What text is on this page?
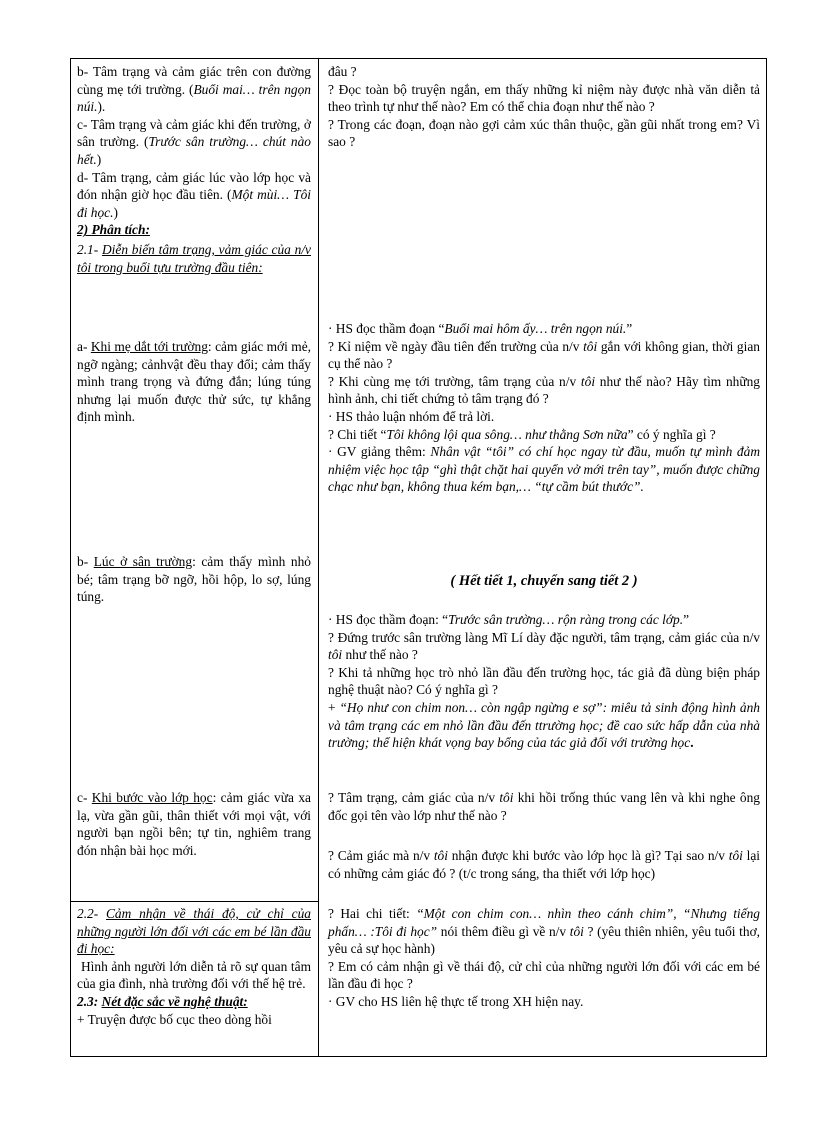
b- Tâm trạng và cảm giác trên con đường cùng mẹ tới trường. (Buổi mai… trên ngọn núi.).

c- Tâm trạng và cảm giác khi đến trường, ở sân trường. (Trước sân trường… chút nào hết.)

d- Tâm trạng, cảm giác lúc vào lớp học và đón nhận giờ học đầu tiên. (Một mùi… Tôi đi học.)

2) Phân tích:

2.1- Diễn biến tâm trạng, vảm giác của n/v tôi trong buổi tựu trường đầu tiên:

a- Khi mẹ dắt tới trường: cảm giác mới mẻ, ngỡ ngàng; cảnhvật đều thay đổi; cảm thấy mình trang trọng và đứng đắn; lúng túng nhưng lại muốn được thử sức, tự khẳng định mình.

b- Lúc ở sân trường: cảm thấy mình nhỏ bé; tâm trạng bỡ ngỡ, hồi hộp, lo sợ, lúng túng.

c- Khi bước vào lớp học: cảm giác vừa xa lạ, vừa gần gũi, thân thiết với mọi vật, với người bạn ngồi bên; tự tin, nghiêm trang đón nhận bài học mới.

2.2- Cảm nhận về thái độ, cử chỉ của những người lớn đối với các em bé lần đầu đi học:

Hình ảnh người lớn diễn tả rõ sự quan tâm của gia đình, nhà trường đối với thế hệ trẻ.

2.3: Nét đặc sắc về nghệ thuật:

+ Truyện được bố cục theo dòng hồi

đâu ?

? Đọc toàn bộ truyện ngắn, em thấy những kỉ niệm này được nhà văn diễn tả theo trình tự như thế nào? Em có thể chia đoạn như thế nào ?

? Trong các đoạn, đoạn nào gợi cảm xúc thân thuộc, gần gũi nhất trong em? Vì sao ?

· HS đọc thầm đoạn “Buổi mai hôm ấy… trên ngọn núi.”

? Kỉ niệm về ngày đầu tiên đến trường của n/v tôi gắn với không gian, thời gian cụ thể nào ?

? Khi cùng mẹ tới trường, tâm trạng của n/v tôi như thế nào? Hãy tìm những hình ảnh, chi tiết chứng tỏ tâm trạng đó ?

· HS thảo luận nhóm để trả lời.

? Chi tiết “Tôi không lội qua sông… như thằng Sơn nữa” có ý nghĩa gì ?

· GV giảng thêm: Nhân vật “tôi” có chí học ngay từ đầu, muốn tự mình đảm nhiệm việc học tập “ghì thật chặt hai quyển vở mới trên tay”, muốn được chững chạc như bạn, không thua kém bạn,… “tự cầm bút thước”.

( Hết tiết 1, chuyển sang tiết 2 )

· HS đọc thầm đoạn: “Trước sân trường… rộn ràng trong các lớp.”

? Đứng trước sân trường làng Mĩ Lí dày đặc người, tâm trạng, cảm giác của n/v tôi như thế nào ?

? Khi tả những học trò nhỏ lần đầu đến trường học, tác giả đã dùng biện pháp nghệ thuật nào? Có ý nghĩa gì ?

+ “Họ như con chim non… còn ngập ngừng e sợ”: miêu tả sinh động hình ảnh và tâm trạng các em nhỏ lần đầu đến ttrường học; đề cao sức hấp dẫn của nhà trường; thể hiện khát vọng bay bổng của tác giả đối với trường học.

? Tâm trạng, cảm giác của n/v tôi khi hồi trống thúc vang lên và khi nghe ông đốc gọi tên vào lớp như thế nào ?

? Cảm giác mà n/v tôi nhận được khi bước vào lớp học là gì? Tại sao n/v tôi lại có những cảm giác đó ? (t/c trong sáng, tha thiết với lớp học)

? Hai chi tiết: “Một con chim con… nhìn theo cánh chim”, “Nhưng tiếng phấn… :Tôi đi học” nói thêm điều gì về n/v tôi ? (yêu thiên nhiên, yêu tuổi thơ, yêu cả sự học hành)

? Em có cảm nhận gì về thái độ, cử chỉ của những người lớn đối với các em bé lần đầu đi học ?

· GV cho HS liên hệ thực tế trong XH hiện nay.
